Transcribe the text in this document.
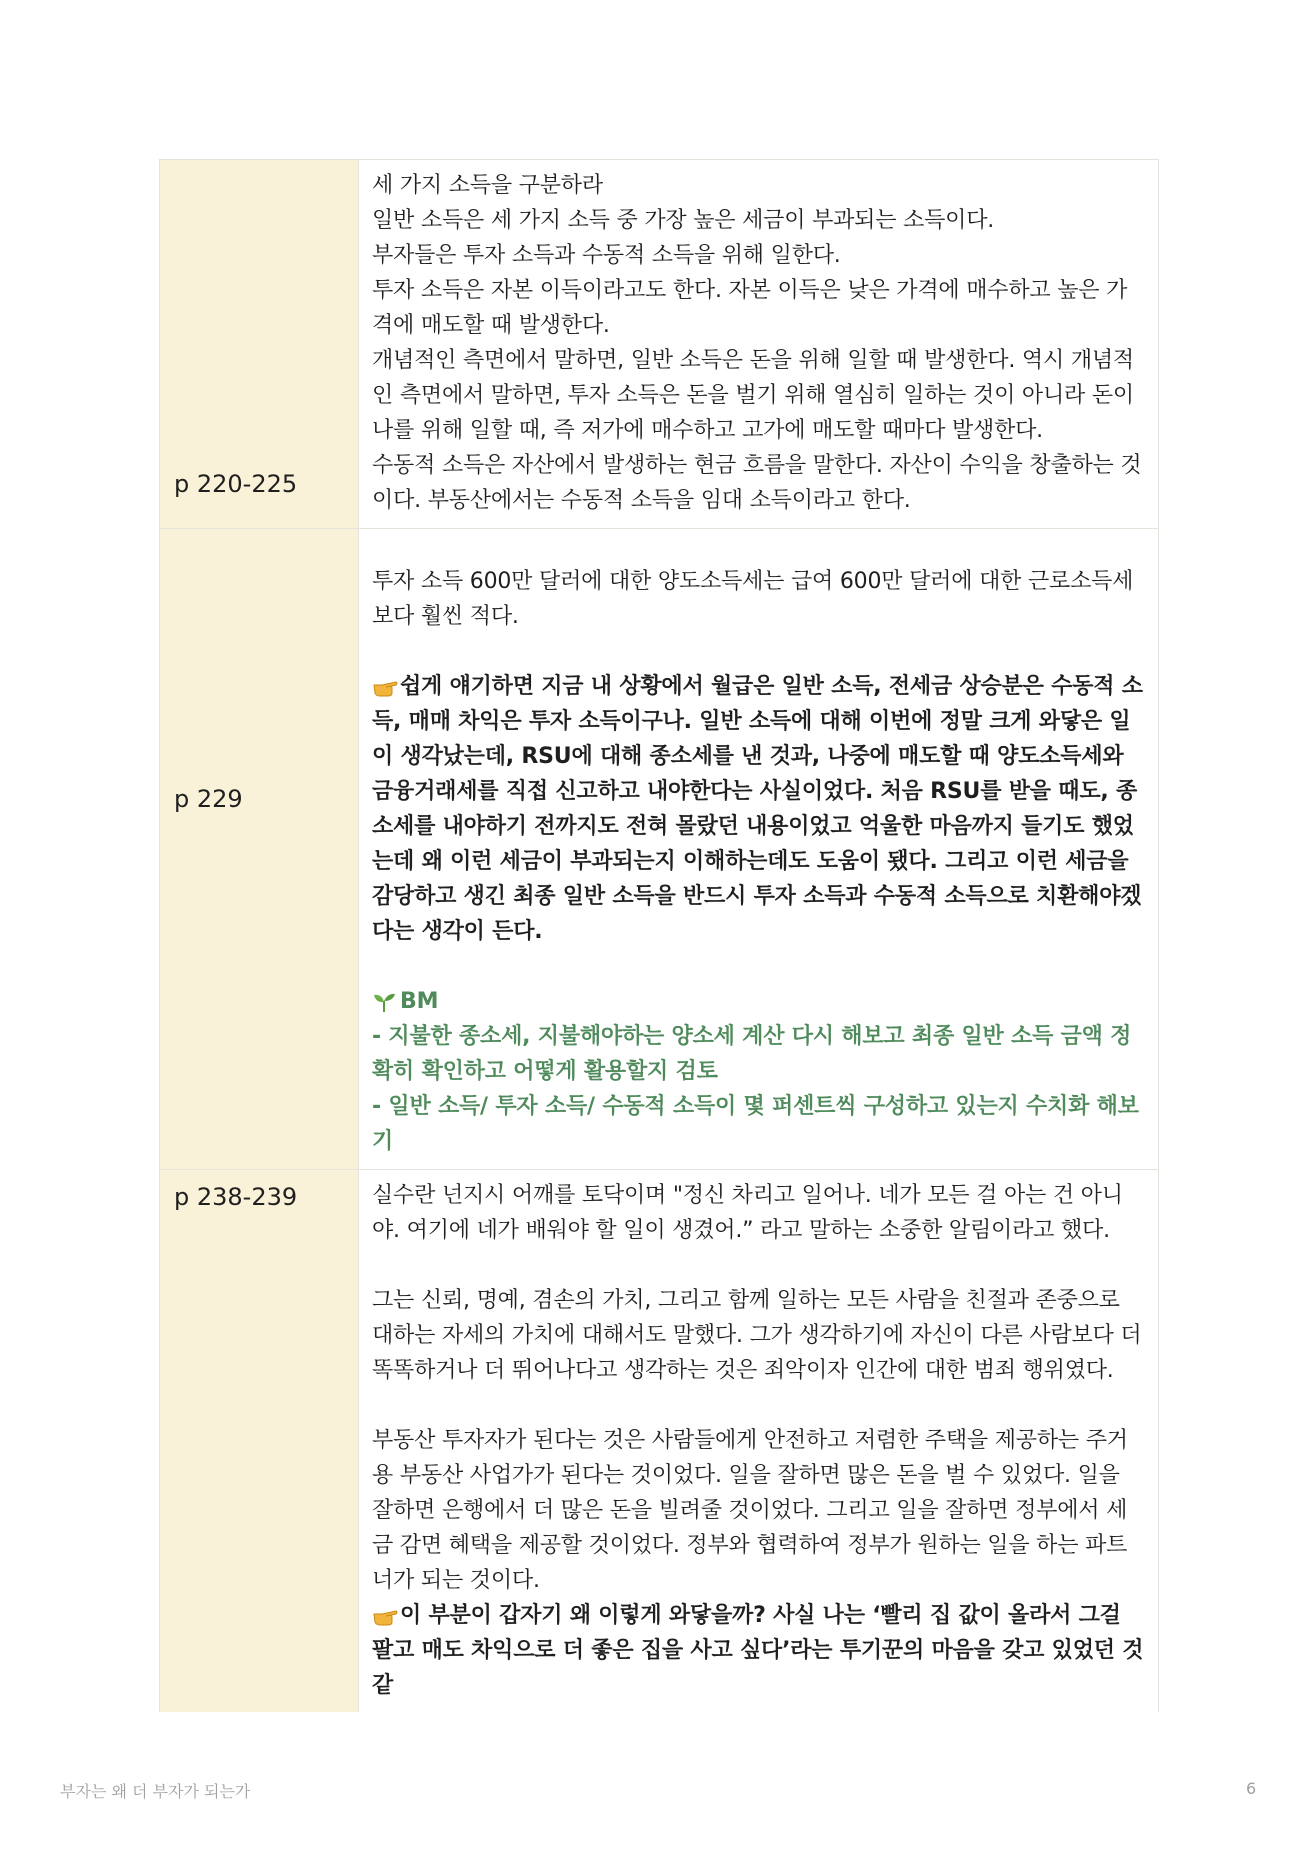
p 220-225

세 가지 소득을 구분하라

일반 소득은 세 가지 소득 중 가장 높은 세금이 부과되는 소득이다.

부자들은 투자 소득과 수동적 소득을 위해 일한다.

투자 소득은 자본 이득이라고도 한다. 자본 이득은 낮은 가격에 매수하고 높은 가격에 매도할 때 발생한다.

개념적인 측면에서 말하면, 일반 소득은 돈을 위해 일할 때 발생한다. 역시 개념적인 측면에서 말하면, 투자 소득은 돈을 벌기 위해 열심히 일하는 것이 아니라 돈이 나를 위해 일할 때, 즉 저가에 매수하고 고가에 매도할 때마다 발생한다.

수동적 소득은 자산에서 발생하는 현금 흐름을 말한다. 자산이 수익을 창출하는 것이다. 부동산에서는 수동적 소득을 임대 소득이라고 한다.

p 229

투자 소득 600만 달러에 대한 양도소득세는 급여 600만 달러에 대한 근로소득세보다 훨씬 적다.

쉽게 얘기하면 지금 내 상황에서 월급은 일반 소득, 전세금 상승분은 수동적 소득, 매매 차익은 투자 소득이구나. 일반 소득에 대해 이번에 정말 크게 와닿은 일이 생각났는데, RSU에 대해 종소세를 낸 것과, 나중에 매도할 때 양도소득세와 금융거래세를 직접 신고하고 내야한다는 사실이었다. 처음 RSU를 받을 때도, 종소세를 내야하기 전까지도 전혀 몰랐던 내용이었고 억울한 마음까지 들기도 했었는데 왜 이런 세금이 부과되는지 이해하는데도 도움이 됐다. 그리고 이런 세금을 감당하고 생긴 최종 일반 소득을 반드시 투자 소득과 수동적 소득으로 치환해야겠다는 생각이 든다.

BM

- 지불한 종소세, 지불해야하는 양소세 계산 다시 해보고 최종 일반 소득 금액 정확히 확인하고 어떻게 활용할지 검토

- 일반 소득/ 투자 소득/ 수동적 소득이 몇 퍼센트씩 구성하고 있는지 수치화 해보기

p 238-239	실수란 넌지시 어깨를 토닥이며 "정신 차리고 일어나. 네가 모든 걸 아는 건 아니야. 여기에 네가 배워야 할 일이 생겼어.” 라고 말하는 소중한 알림이라고 했다.

그는 신뢰, 명예, 겸손의 가치, 그리고 함께 일하는 모든 사람을 친절과 존중으로 대하는 자세의 가치에 대해서도 말했다. 그가 생각하기에 자신이 다른 사람보다 더 똑똑하거나 더 뛰어나다고 생각하는 것은 죄악이자 인간에 대한 범죄 행위였다.

부동산 투자자가 된다는 것은 사람들에게 안전하고 저렴한 주택을 제공하는 주거용 부동산 사업가가 된다는 것이었다. 일을 잘하면 많은 돈을 벌 수 있었다. 일을 잘하면 은행에서 더 많은 돈을 빌려줄 것이었다. 그리고 일을 잘하면 정부에서 세금 감면 혜택을 제공할 것이었다. 정부와 협력하여 정부가 원하는 일을 하는 파트너가 되는 것이다.

이 부분이 갑자기 왜 이렇게 와닿을까? 사실 나는 ‘빨리 집 값이 올라서 그걸 팔고 매도 차익으로 더 좋은 집을 사고 싶다’라는 투기꾼의 마음을 갖고 있었던 것 같

부자는 왜 더 부자가 되는가	6
